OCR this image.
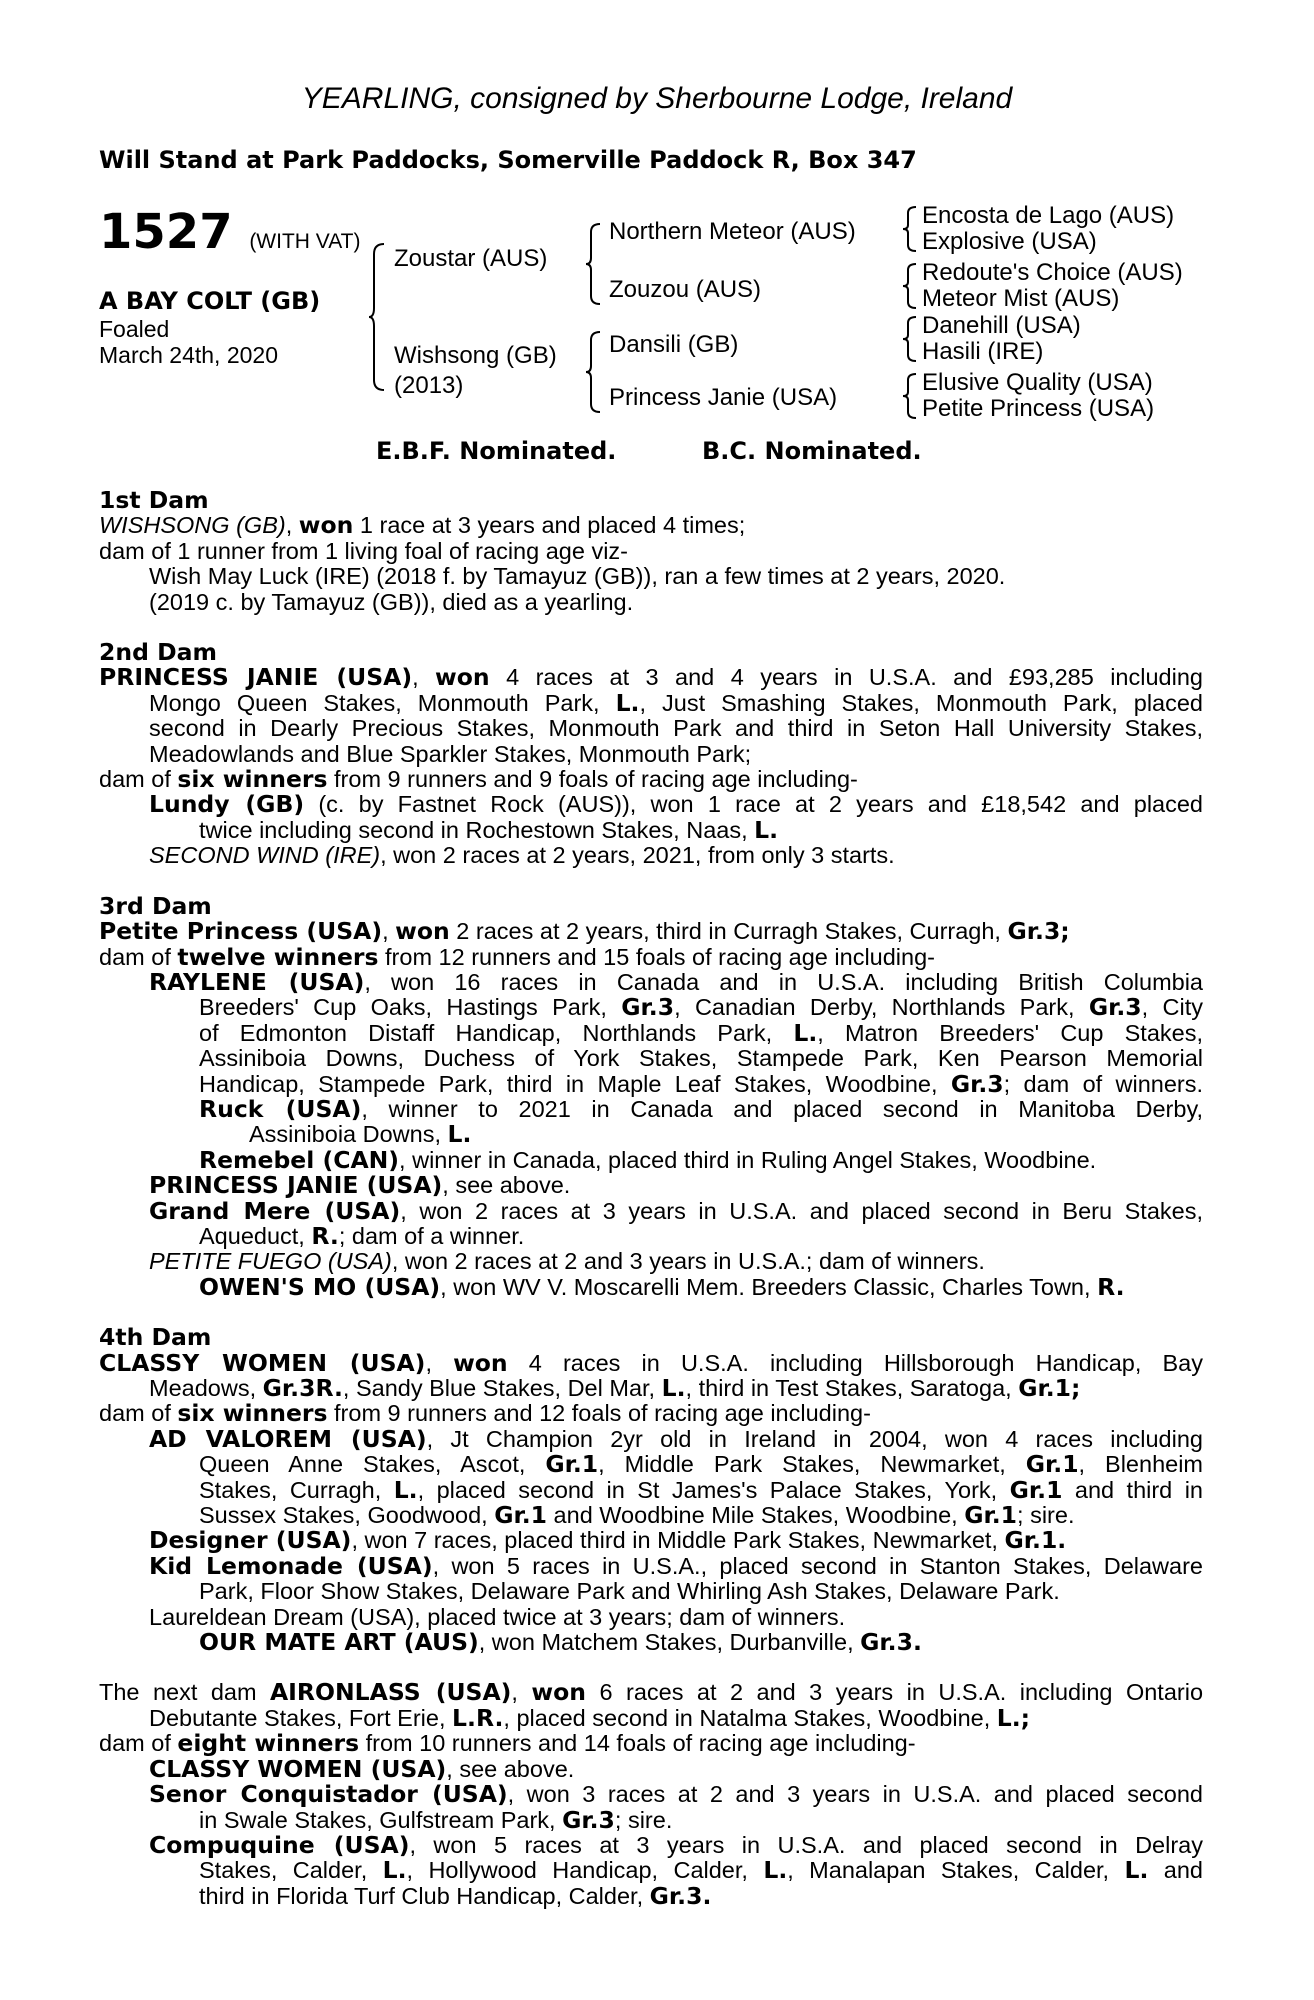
YEARLING, consigned by Sherbourne Lodge, Ireland
Will Stand at Park Paddocks, Somerville Paddock R, Box 347
1527 (WITH VAT)
A BAY COLT (GB)
Foaled
March 24th, 2020
Zoustar (AUS)
Wishsong (GB)
(2013)
Northern Meteor (AUS)
Zouzou (AUS)
Dansili (GB)
Princess Janie (USA)
Encosta de Lago (AUS)
Explosive (USA)
Redoute's Choice (AUS)
Meteor Mist (AUS)
Danehill (USA)
Hasili (IRE)
Elusive Quality (USA)
Petite Princess (USA)
E.B.F. Nominated.	B.C. Nominated.
1st Dam
WISHSONG (GB), won 1 race at 3 years and placed 4 times;
dam of 1 runner from 1 living foal of racing age viz-
Wish May Luck (IRE) (2018 f. by Tamayuz (GB)), ran a few times at 2 years, 2020.
(2019 c. by Tamayuz (GB)), died as a yearling.
2nd Dam
PRINCESS JANIE (USA), won 4 races at 3 and 4 years in U.S.A. and £93,285 including
Mongo Queen Stakes, Monmouth Park, L., Just Smashing Stakes, Monmouth Park, placed
second in Dearly Precious Stakes, Monmouth Park and third in Seton Hall University Stakes,
Meadowlands and Blue Sparkler Stakes, Monmouth Park;
dam of six winners from 9 runners and 9 foals of racing age including-
Lundy (GB) (c. by Fastnet Rock (AUS)), won 1 race at 2 years and £18,542 and placed
twice including second in Rochestown Stakes, Naas, L.
SECOND WIND (IRE), won 2 races at 2 years, 2021, from only 3 starts.
3rd Dam
Petite Princess (USA), won 2 races at 2 years, third in Curragh Stakes, Curragh, Gr.3;
dam of twelve winners from 12 runners and 15 foals of racing age including-
RAYLENE (USA), won 16 races in Canada and in U.S.A. including British Columbia
Breeders' Cup Oaks, Hastings Park, Gr.3, Canadian Derby, Northlands Park, Gr.3, City
of Edmonton Distaff Handicap, Northlands Park, L., Matron Breeders' Cup Stakes,
Assiniboia Downs, Duchess of York Stakes, Stampede Park, Ken Pearson Memorial
Handicap, Stampede Park, third in Maple Leaf Stakes, Woodbine, Gr.3; dam of winners.
Ruck (USA), winner to 2021 in Canada and placed second in Manitoba Derby,
Assiniboia Downs, L.
Remebel (CAN), winner in Canada, placed third in Ruling Angel Stakes, Woodbine.
PRINCESS JANIE (USA), see above.
Grand Mere (USA), won 2 races at 3 years in U.S.A. and placed second in Beru Stakes,
Aqueduct, R.; dam of a winner.
PETITE FUEGO (USA), won 2 races at 2 and 3 years in U.S.A.; dam of winners.
OWEN'S MO (USA), won WV V. Moscarelli Mem. Breeders Classic, Charles Town, R.
4th Dam
CLASSY WOMEN (USA), won 4 races in U.S.A. including Hillsborough Handicap, Bay
Meadows, Gr.3R., Sandy Blue Stakes, Del Mar, L., third in Test Stakes, Saratoga, Gr.1;
dam of six winners from 9 runners and 12 foals of racing age including-
AD VALOREM (USA), Jt Champion 2yr old in Ireland in 2004, won 4 races including
Queen Anne Stakes, Ascot, Gr.1, Middle Park Stakes, Newmarket, Gr.1, Blenheim
Stakes, Curragh, L., placed second in St James's Palace Stakes, York, Gr.1 and third in
Sussex Stakes, Goodwood, Gr.1 and Woodbine Mile Stakes, Woodbine, Gr.1; sire.
Designer (USA), won 7 races, placed third in Middle Park Stakes, Newmarket, Gr.1.
Kid Lemonade (USA), won 5 races in U.S.A., placed second in Stanton Stakes, Delaware
Park, Floor Show Stakes, Delaware Park and Whirling Ash Stakes, Delaware Park.
Laureldean Dream (USA), placed twice at 3 years; dam of winners.
OUR MATE ART (AUS), won Matchem Stakes, Durbanville, Gr.3.
The next dam AIRONLASS (USA), won 6 races at 2 and 3 years in U.S.A. including Ontario
Debutante Stakes, Fort Erie, L.R., placed second in Natalma Stakes, Woodbine, L.;
dam of eight winners from 10 runners and 14 foals of racing age including-
CLASSY WOMEN (USA), see above.
Senor Conquistador (USA), won 3 races at 2 and 3 years in U.S.A. and placed second
in Swale Stakes, Gulfstream Park, Gr.3; sire.
Compuquine (USA), won 5 races at 3 years in U.S.A. and placed second in Delray
Stakes, Calder, L., Hollywood Handicap, Calder, L., Manalapan Stakes, Calder, L. and
third in Florida Turf Club Handicap, Calder, Gr.3.
